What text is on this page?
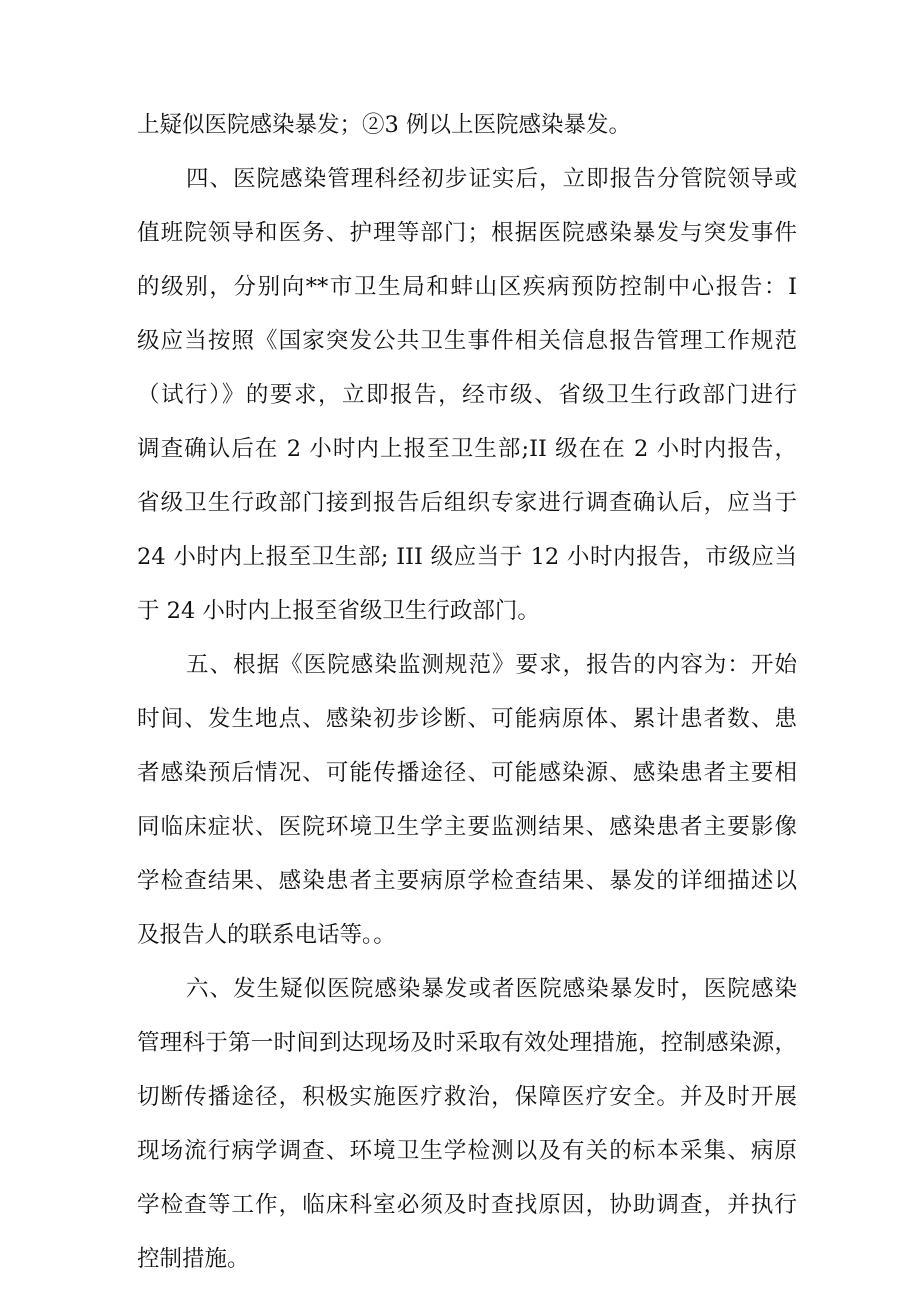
上疑似医院感染暴发；②3 例以上医院感染暴发。
四、医院感染管理科经初步证实后，立即报告分管院领导或
值班院领导和医务、护理等部门；根据医院感染暴发与突发事件
的级别，分别向**市卫生局和蚌山区疾病预防控制中心报告：I
级应当按照《国家突发公共卫生事件相关信息报告管理工作规范
（试行）》的要求，立即报告，经市级、省级卫生行政部门进行
调查确认后在 2 小时内上报至卫生部;II 级在在 2 小时内报告，
省级卫生行政部门接到报告后组织专家进行调查确认后，应当于
24 小时内上报至卫生部; III 级应当于 12 小时内报告，市级应当
于 24 小时内上报至省级卫生行政部门。
五、根据《医院感染监测规范》要求，报告的内容为：开始
时间、发生地点、感染初步诊断、可能病原体、累计患者数、患
者感染预后情况、可能传播途径、可能感染源、感染患者主要相
同临床症状、医院环境卫生学主要监测结果、感染患者主要影像
学检查结果、感染患者主要病原学检查结果、暴发的详细描述以
及报告人的联系电话等。。
六、发生疑似医院感染暴发或者医院感染暴发时，医院感染
管理科于第一时间到达现场及时采取有效处理措施，控制感染源，
切断传播途径，积极实施医疗救治，保障医疗安全。并及时开展
现场流行病学调查、环境卫生学检测以及有关的标本采集、病原
学检查等工作，临床科室必须及时查找原因，协助调查，并执行
控制措施。
